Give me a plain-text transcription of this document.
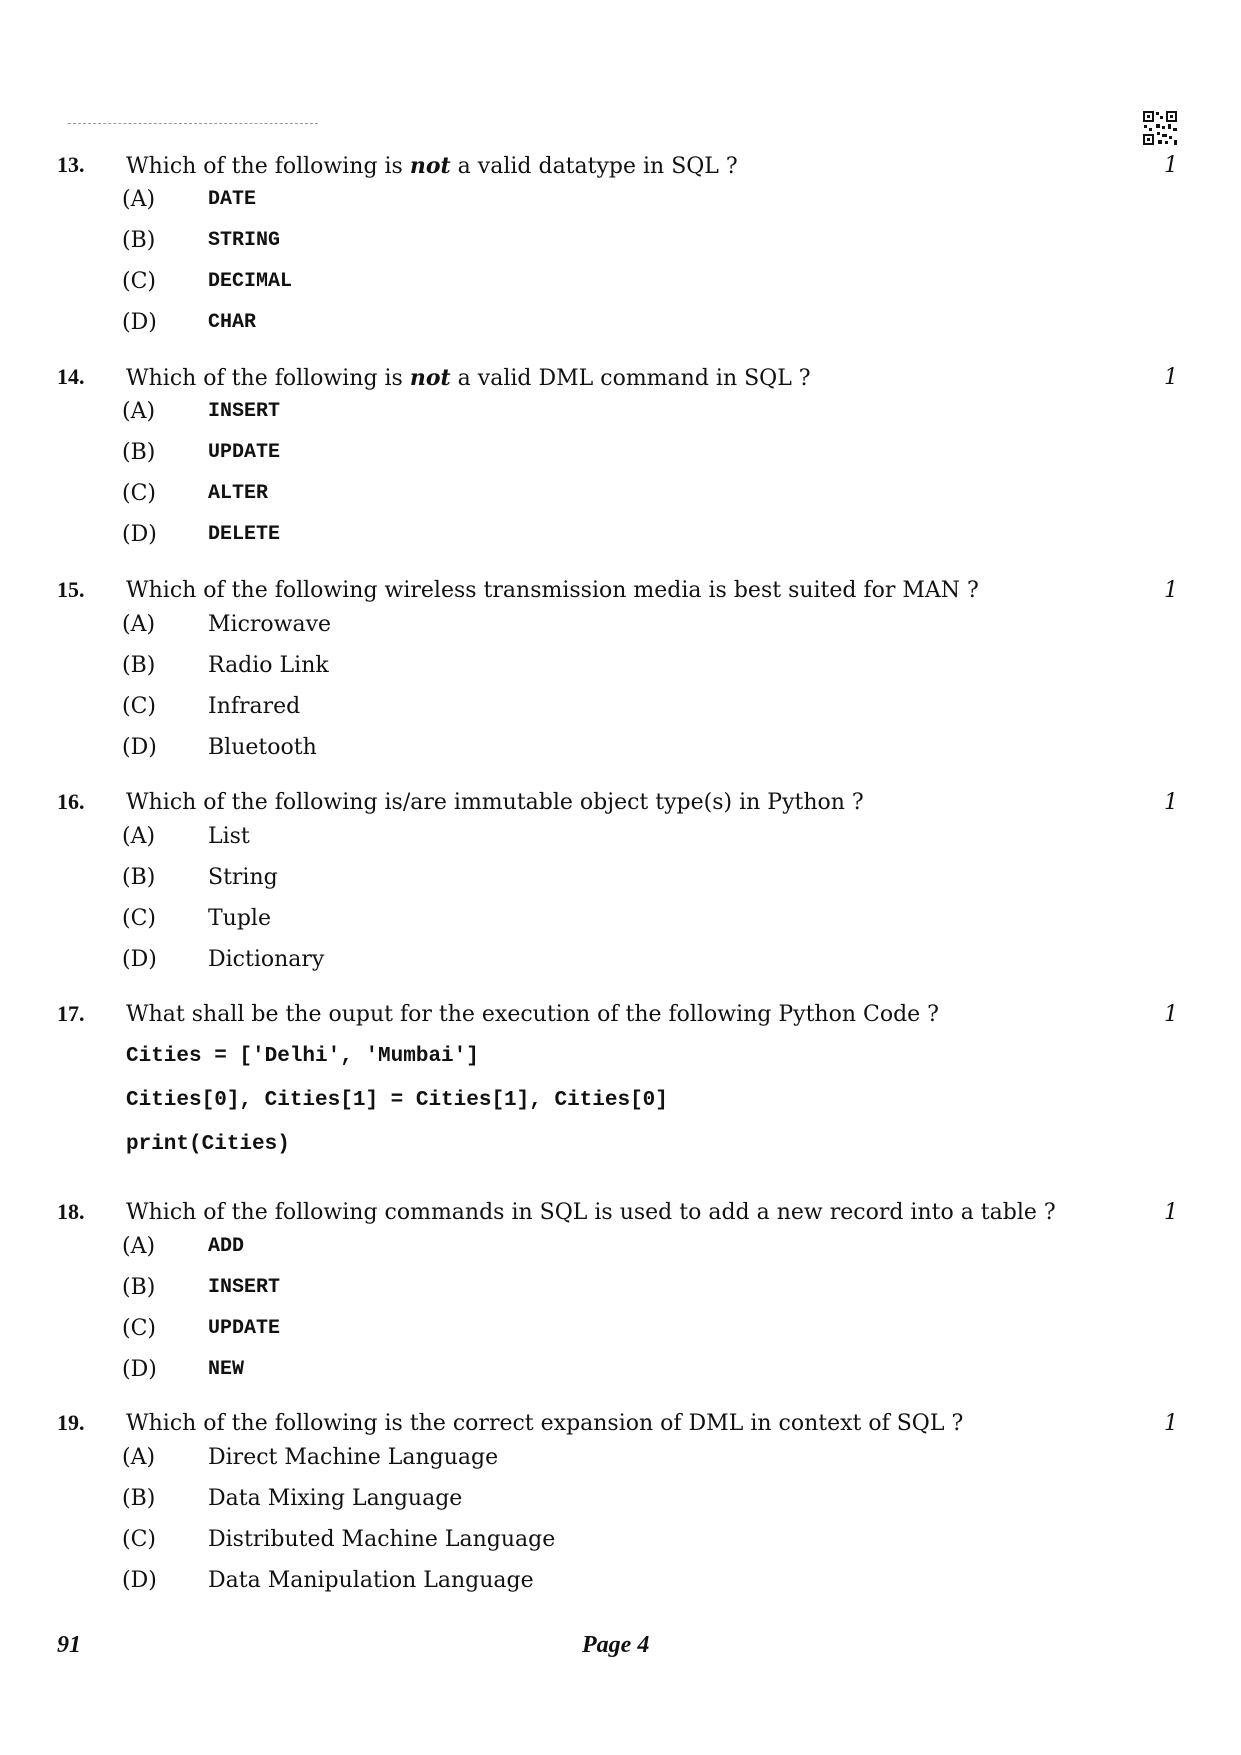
13. Which of the following is not a valid datatype in SQL ?	1
(A)	DATE
(B)	STRING
(C)	DECIMAL
(D)	CHAR
14. Which of the following is not a valid DML command in SQL ?	1
(A)	INSERT
(B)	UPDATE
(C)	ALTER
(D)	DELETE
15. Which of the following wireless transmission media is best suited for MAN ?	1
(A) Microwave
(B) Radio Link
(C) Infrared
(D) Bluetooth
16. Which of the following is/are immutable object type(s) in Python ?	1
(A) List
(B) String
(C) Tuple
(D) Dictionary
17. What shall be the ouput for the execution of the following Python Code ?	1
Cities = ['Delhi', 'Mumbai']
Cities[0], Cities[1] = Cities[1], Cities[0]
print(Cities)
18. Which of the following commands in SQL is used to add a new record into a table ?	1
(A)	ADD
(B)	INSERT
(C)	UPDATE
(D)	NEW
19. Which of the following is the correct expansion of DML in context of SQL ?	1
(A) Direct Machine Language
(B) Data Mixing Language
(C) Distributed Machine Language
(D) Data Manipulation Language
91	Page 4
